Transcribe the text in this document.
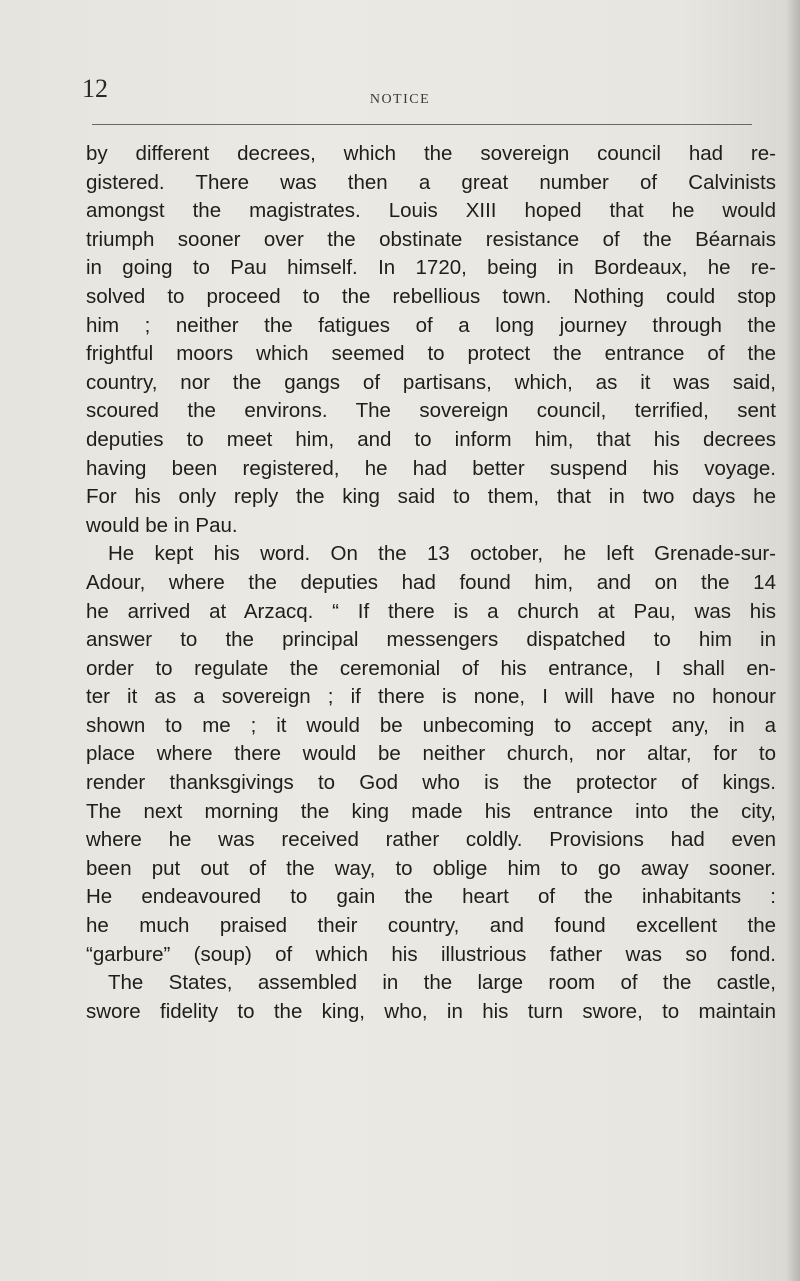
12	NOTICE
by different decrees, which the sovereign council had re-
gistered. There was then a great number of Calvinists
amongst the magistrates. Louis XIII hoped that he would
triumph sooner over the obstinate resistance of the Béarnais
in going to Pau himself. In 1720, being in Bordeaux, he re-
solved to proceed to the rebellious town. Nothing could stop
him ; neither the fatigues of a long journey through the
frightful moors which seemed to protect the entrance of the
country, nor the gangs of partisans, which, as it was said,
scoured the environs. The sovereign council, terrified, sent
deputies to meet him, and to inform him, that his decrees
having been registered, he had better suspend his voyage.
For his only reply the king said to them, that in two days he
would be in Pau.
He kept his word. On the 13 october, he left Grenade-sur-
Adour, where the deputies had found him, and on the 14
he arrived at Arzacq. “ If there is a church at Pau, was his
answer to the principal messengers dispatched to him in
order to regulate the ceremonial of his entrance, I shall en-
ter it as a sovereign ; if there is none, I will have no honour
shown to me ; it would be unbecoming to accept any, in a
place where there would be neither church, nor altar, for to
render thanksgivings to God who is the protector of kings.
The next morning the king made his entrance into the city,
where he was received rather coldly. Provisions had even
been put out of the way, to oblige him to go away sooner.
He endeavoured to gain the heart of the inhabitants :
he much praised their country, and found excellent the
“garbure” (soup) of which his illustrious father was so fond.
The States, assembled in the large room of the castle,
swore fidelity to the king, who, in his turn swore, to maintain
